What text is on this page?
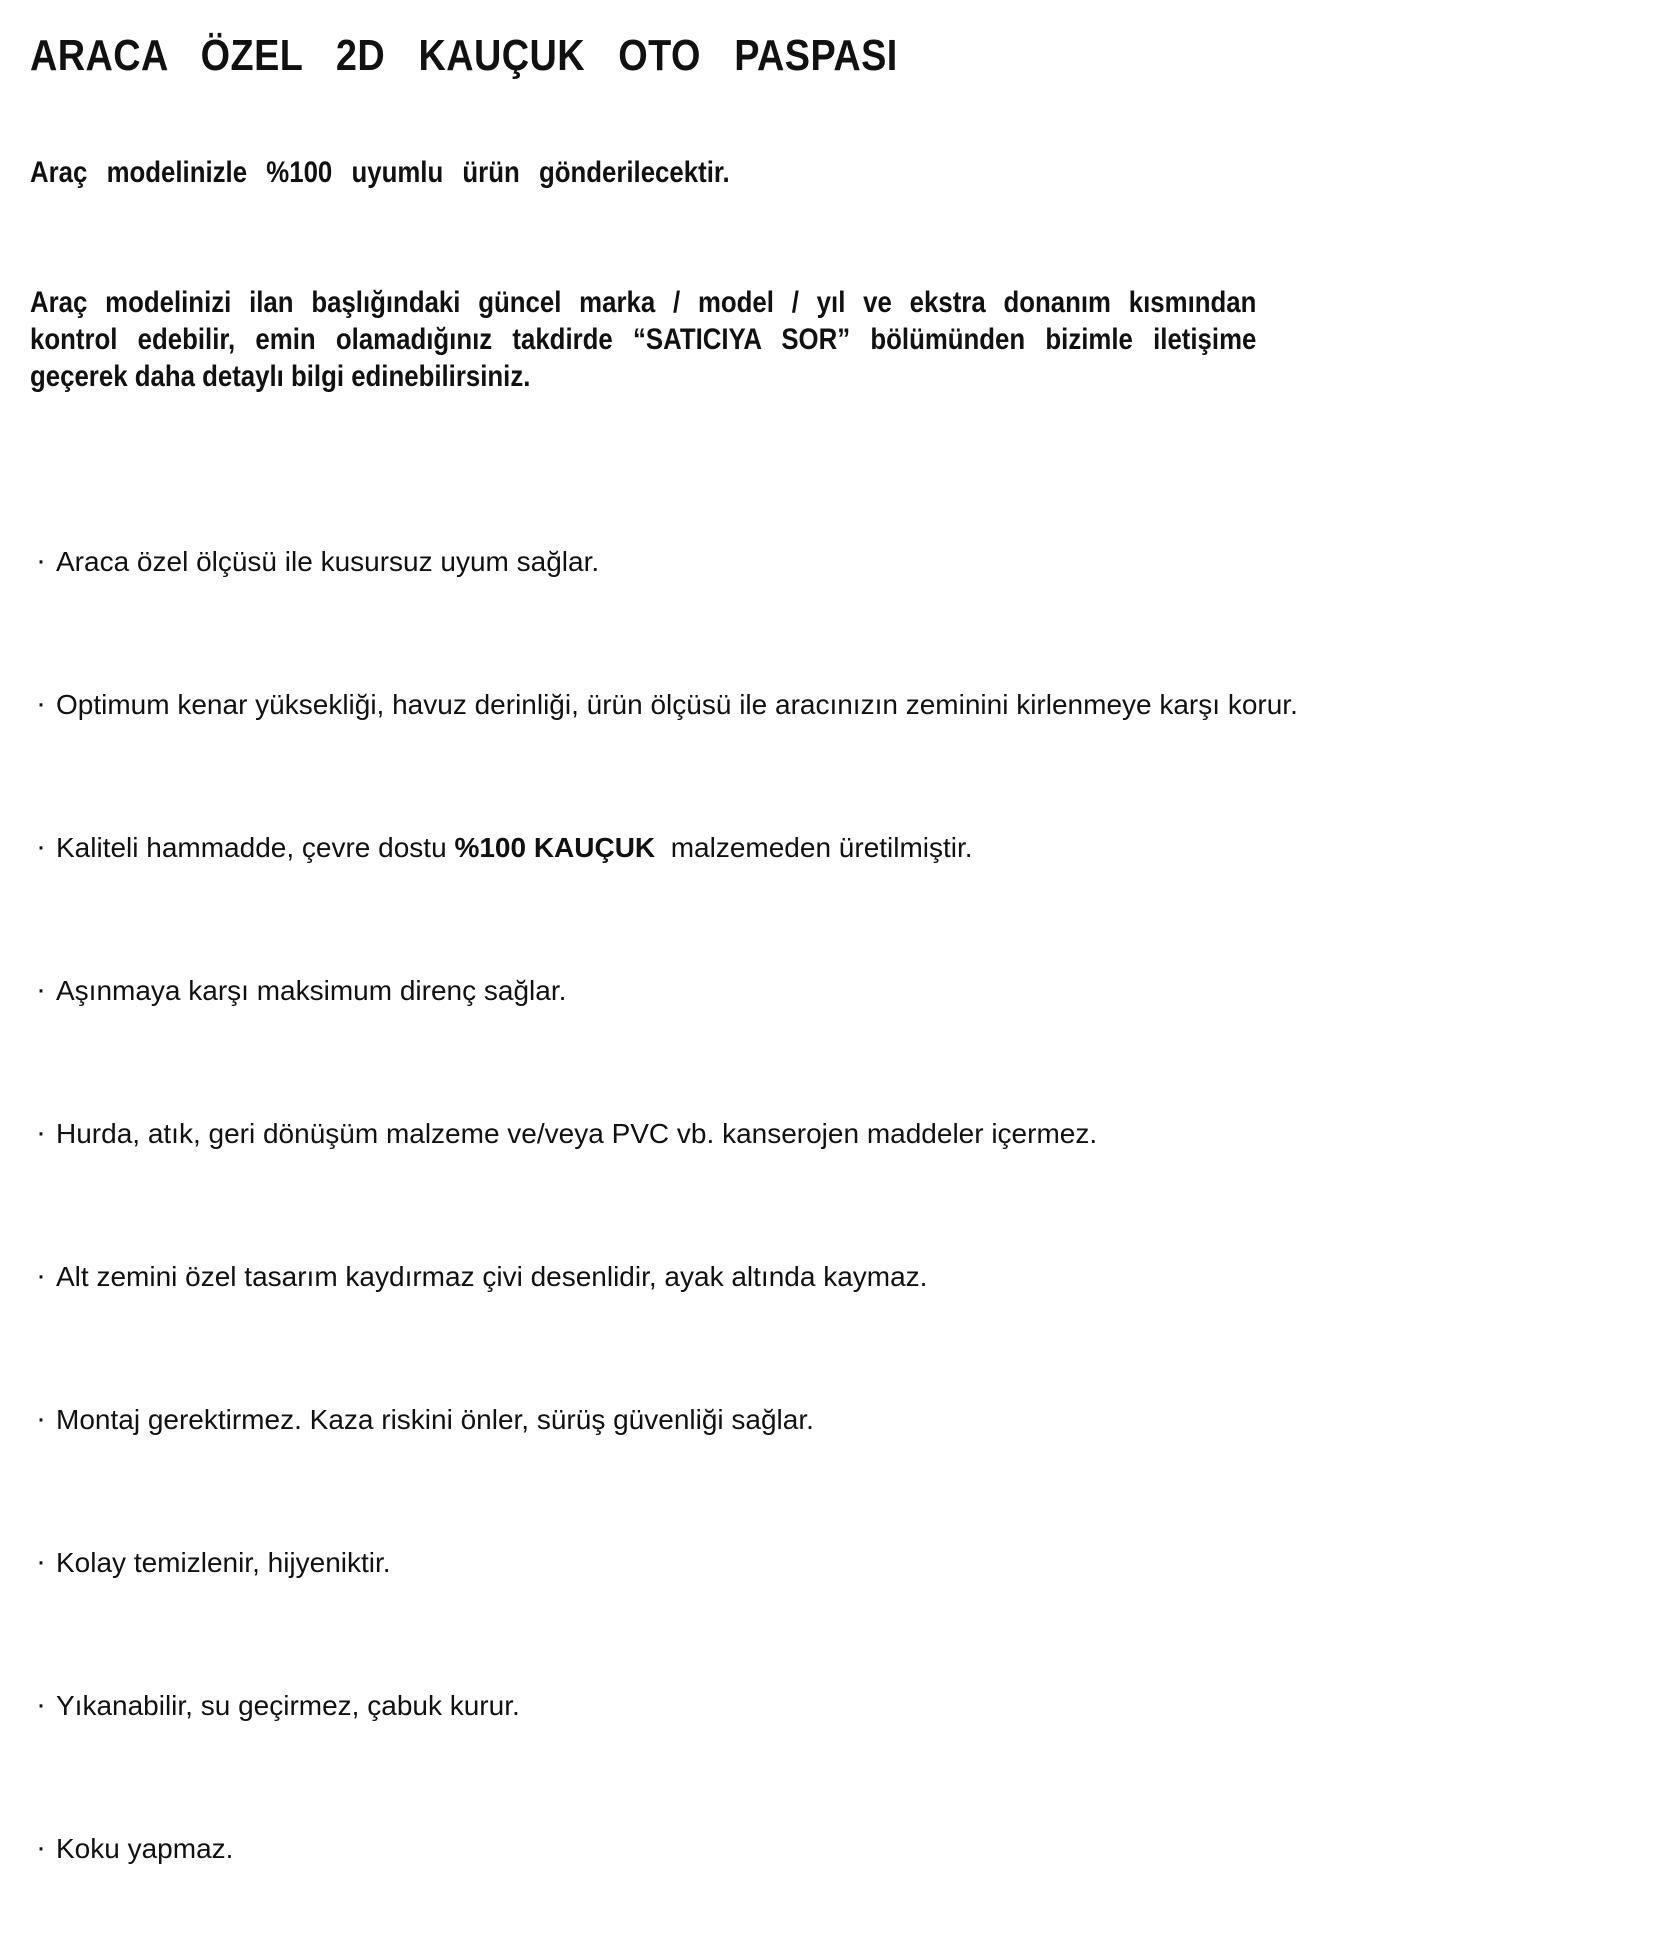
ARACA ÖZEL 2D KAUÇUK OTO PASPASI

Araç modelinizle %100 uyumlu ürün gönderilecektir.

Araç modelinizi ilan başlığındaki güncel marka / model / yıl ve ekstra donanım kısmından
kontrol edebilir, emin olamadığınız takdirde “SATICIYA SOR” bölümünden bizimle iletişime
geçerek daha detaylı bilgi edinebilirsiniz.
· Araca özel ölçüsü ile kusursuz uyum sağlar.
· Optimum kenar yüksekliği, havuz derinliği, ürün ölçüsü ile aracınızın zeminini kirlenmeye karşı korur.
· Kaliteli hammadde, çevre dostu %100 KAUÇUK  malzemeden üretilmiştir.
· Aşınmaya karşı maksimum direnç sağlar.
· Hurda, atık, geri dönüşüm malzeme ve/veya PVC vb. kanserojen maddeler içermez.
· Alt zemini özel tasarım kaydırmaz çivi desenlidir, ayak altında kaymaz.
· Montaj gerektirmez. Kaza riskini önler, sürüş güvenliği sağlar.
· Kolay temizlenir, hijyeniktir.
· Yıkanabilir, su geçirmez, çabuk kurur.
· Koku yapmaz.
